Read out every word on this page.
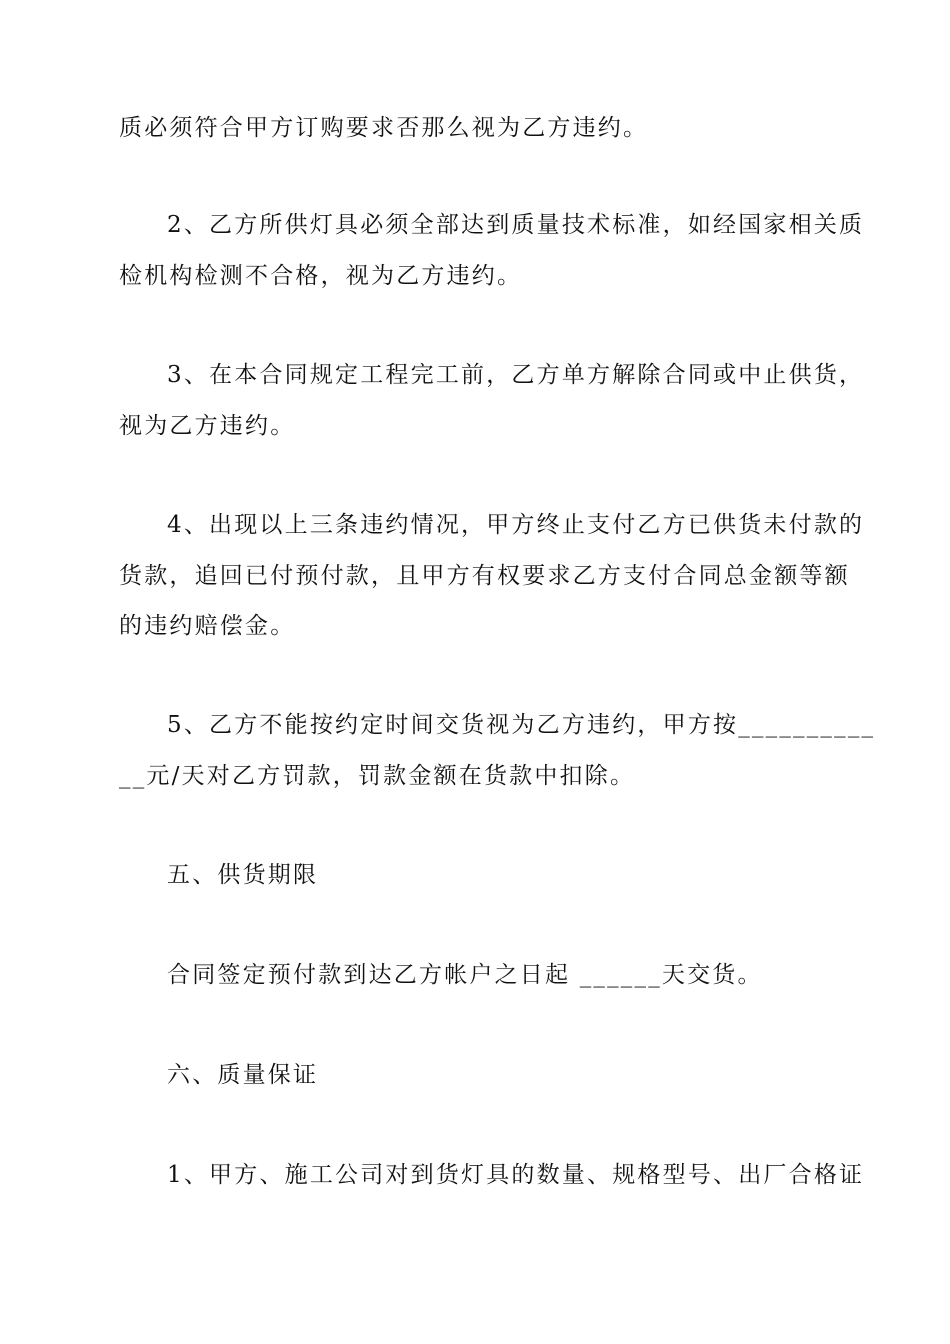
质必须符合甲方订购要求否那么视为乙方违约。
2、乙方所供灯具必须全部达到质量技术标准，如经国家相关质
检机构检测不合格，视为乙方违约。
3、在本合同规定工程完工前，乙方单方解除合同或中止供货，
视为乙方违约。
4、出现以上三条违约情况，甲方终止支付乙方已供货未付款的
货款，追回已付预付款，且甲方有权要求乙方支付合同总金额等额
的违约赔偿金。
5、乙方不能按约定时间交货视为乙方违约，甲方按__________
__元/天对乙方罚款，罚款金额在货款中扣除。
五、供货期限
合同签定预付款到达乙方帐户之日起 ______天交货。
六、质量保证
1、甲方、施工公司对到货灯具的数量、规格型号、出厂合格证
